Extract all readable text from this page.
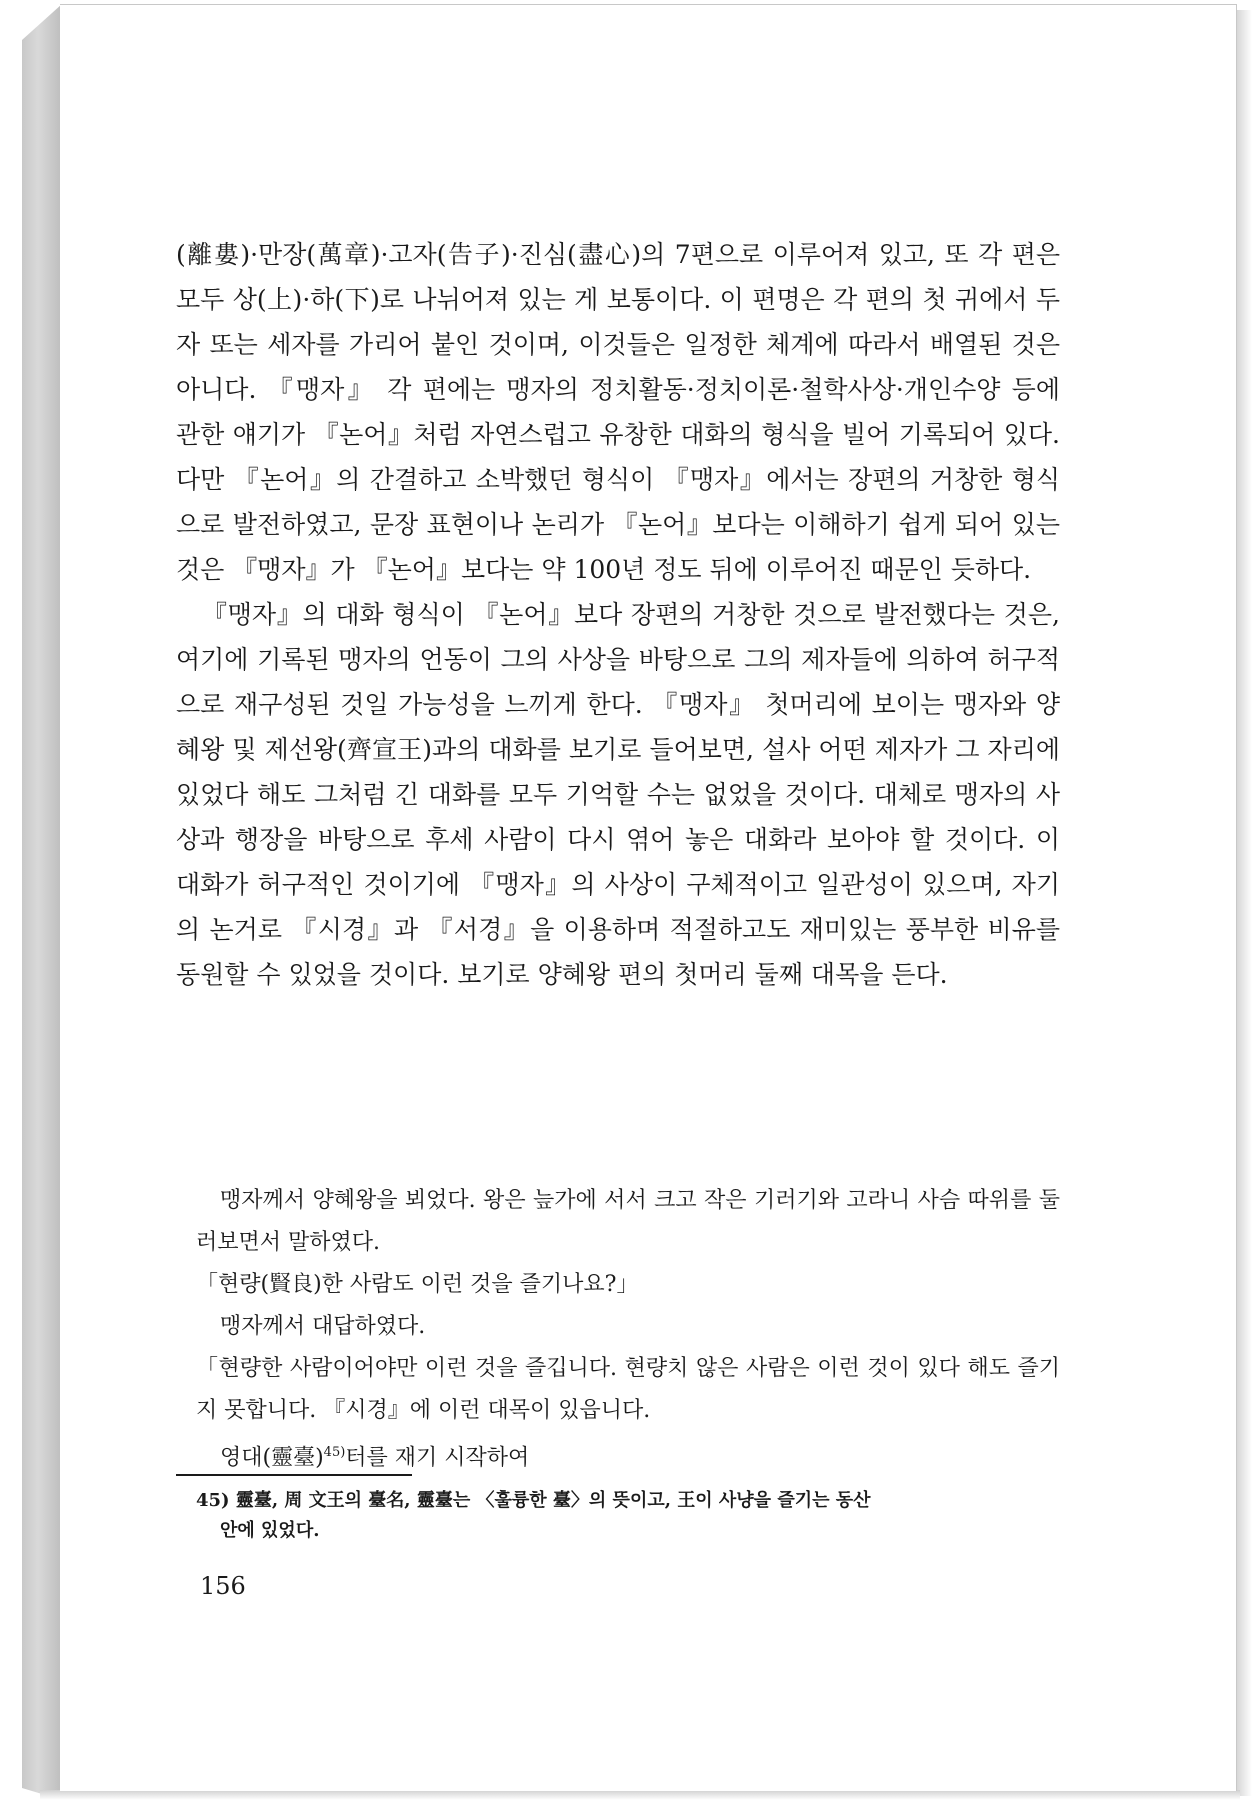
(離婁)·만장(萬章)·고자(告子)·진심(盡心)의 7편으로 이루어져 있고, 또 각 편은 모두 상(上)·하(下)로 나뉘어져 있는 게 보통이다. 이 편명은 각 편의 첫 귀에서 두자 또는 세자를 가리어 붙인 것이며, 이것들은 일정한 체계에 따라서 배열된 것은 아니다. 『맹자』 각 편에는 맹자의 정치활동·정치이론·철학사상·개인수양 등에 관한 얘기가 『논어』처럼 자연스럽고 유창한 대화의 형식을 빌어 기록되어 있다. 다만 『논어』의 간결하고 소박했던 형식이 『맹자』에서는 장편의 거창한 형식으로 발전하였고, 문장 표현이나 논리가 『논어』보다는 이해하기 쉽게 되어 있는 것은 『맹자』가 『논어』보다는 약 100년 정도 뒤에 이루어진 때문인 듯하다.

『맹자』의 대화 형식이 『논어』보다 장편의 거창한 것으로 발전했다는 것은, 여기에 기록된 맹자의 언동이 그의 사상을 바탕으로 그의 제자들에 의하여 허구적으로 재구성된 것일 가능성을 느끼게 한다. 『맹자』 첫머리에 보이는 맹자와 양혜왕 및 제선왕(齊宣王)과의 대화를 보기로 들어보면, 설사 어떤 제자가 그 자리에 있었다 해도 그처럼 긴 대화를 모두 기억할 수는 없었을 것이다. 대체로 맹자의 사상과 행장을 바탕으로 후세 사람이 다시 엮어 놓은 대화라 보아야 할 것이다. 이 대화가 허구적인 것이기에 『맹자』의 사상이 구체적이고 일관성이 있으며, 자기의 논거로 『시경』과 『서경』을 이용하며 적절하고도 재미있는 풍부한 비유를 동원할 수 있었을 것이다. 보기로 양혜왕 편의 첫머리 둘째 대목을 든다.

맹자께서 양혜왕을 뵈었다. 왕은 늪가에 서서 크고 작은 기러기와 고라니 사슴 따위를 둘러보면서 말하였다.

「현량(賢良)한 사람도 이런 것을 즐기나요?」

맹자께서 대답하였다.

「현량한 사람이어야만 이런 것을 즐깁니다. 현량치 않은 사람은 이런 것이 있다 해도 즐기지 못합니다. 『시경』에 이런 대목이 있읍니다.

영대(靈臺)$^{45)}$터를 재기 시작하여

45) 靈臺, 周 文王의 臺名, 靈臺는 〈훌륭한 臺〉의 뜻이고, 王이 사냥을 즐기는 동산

안에 있었다.

156
